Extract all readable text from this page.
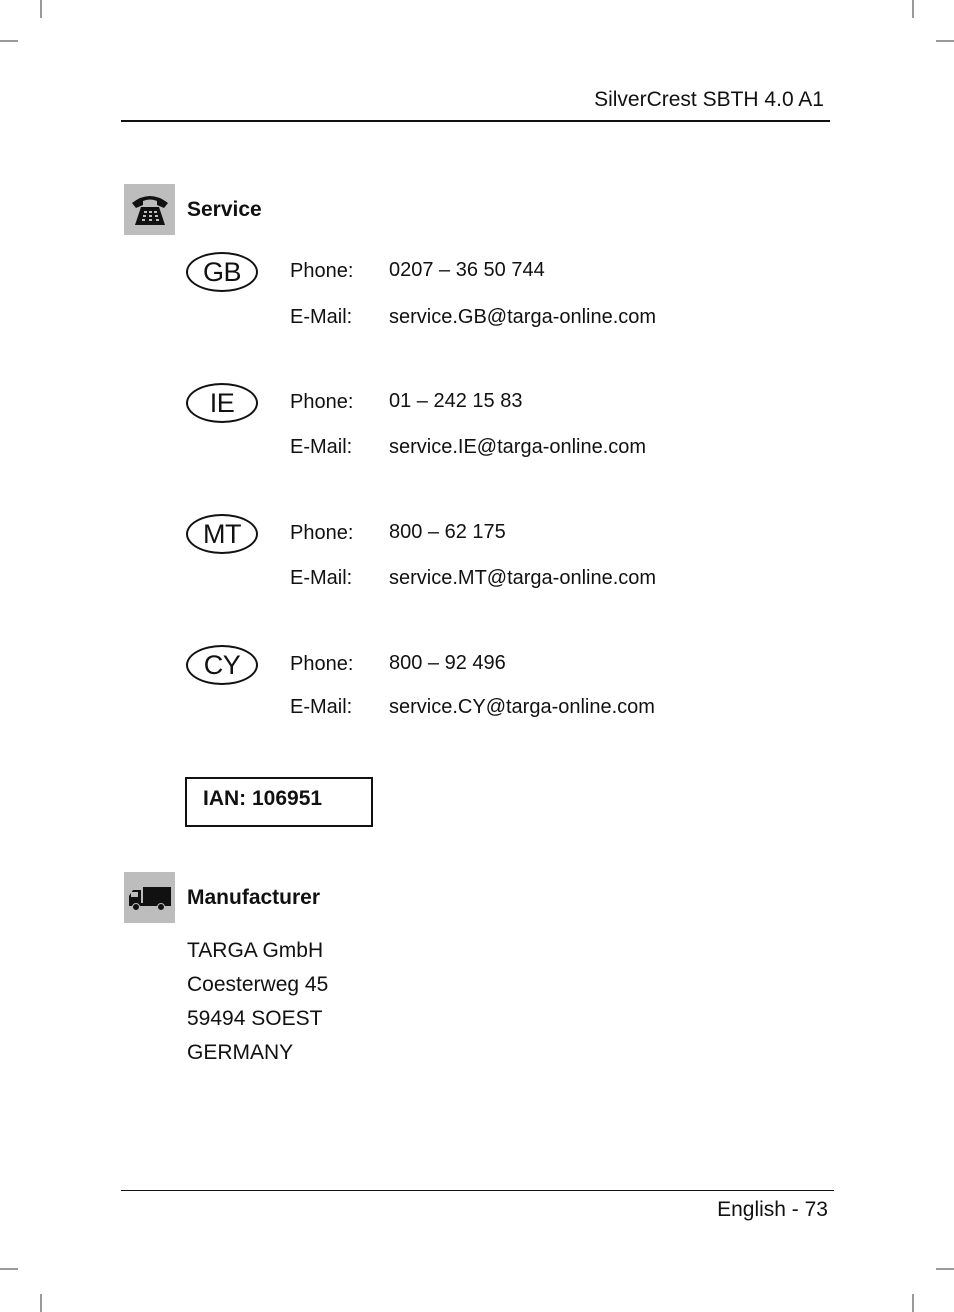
SilverCrest SBTH 4.0 A1
Service
GB	Phone: 0207 – 36 50 744
E-Mail: service.GB@targa-online.com
IE	Phone: 01 – 242 15 83
E-Mail: service.IE@targa-online.com
MT	Phone: 800 – 62 175
E-Mail: service.MT@targa-online.com
CY	Phone: 800 – 92 496
E-Mail: service.CY@targa-online.com
IAN: 106951
Manufacturer
TARGA GmbH
Coesterweg 45
59494 SOEST
GERMANY
English - 73
